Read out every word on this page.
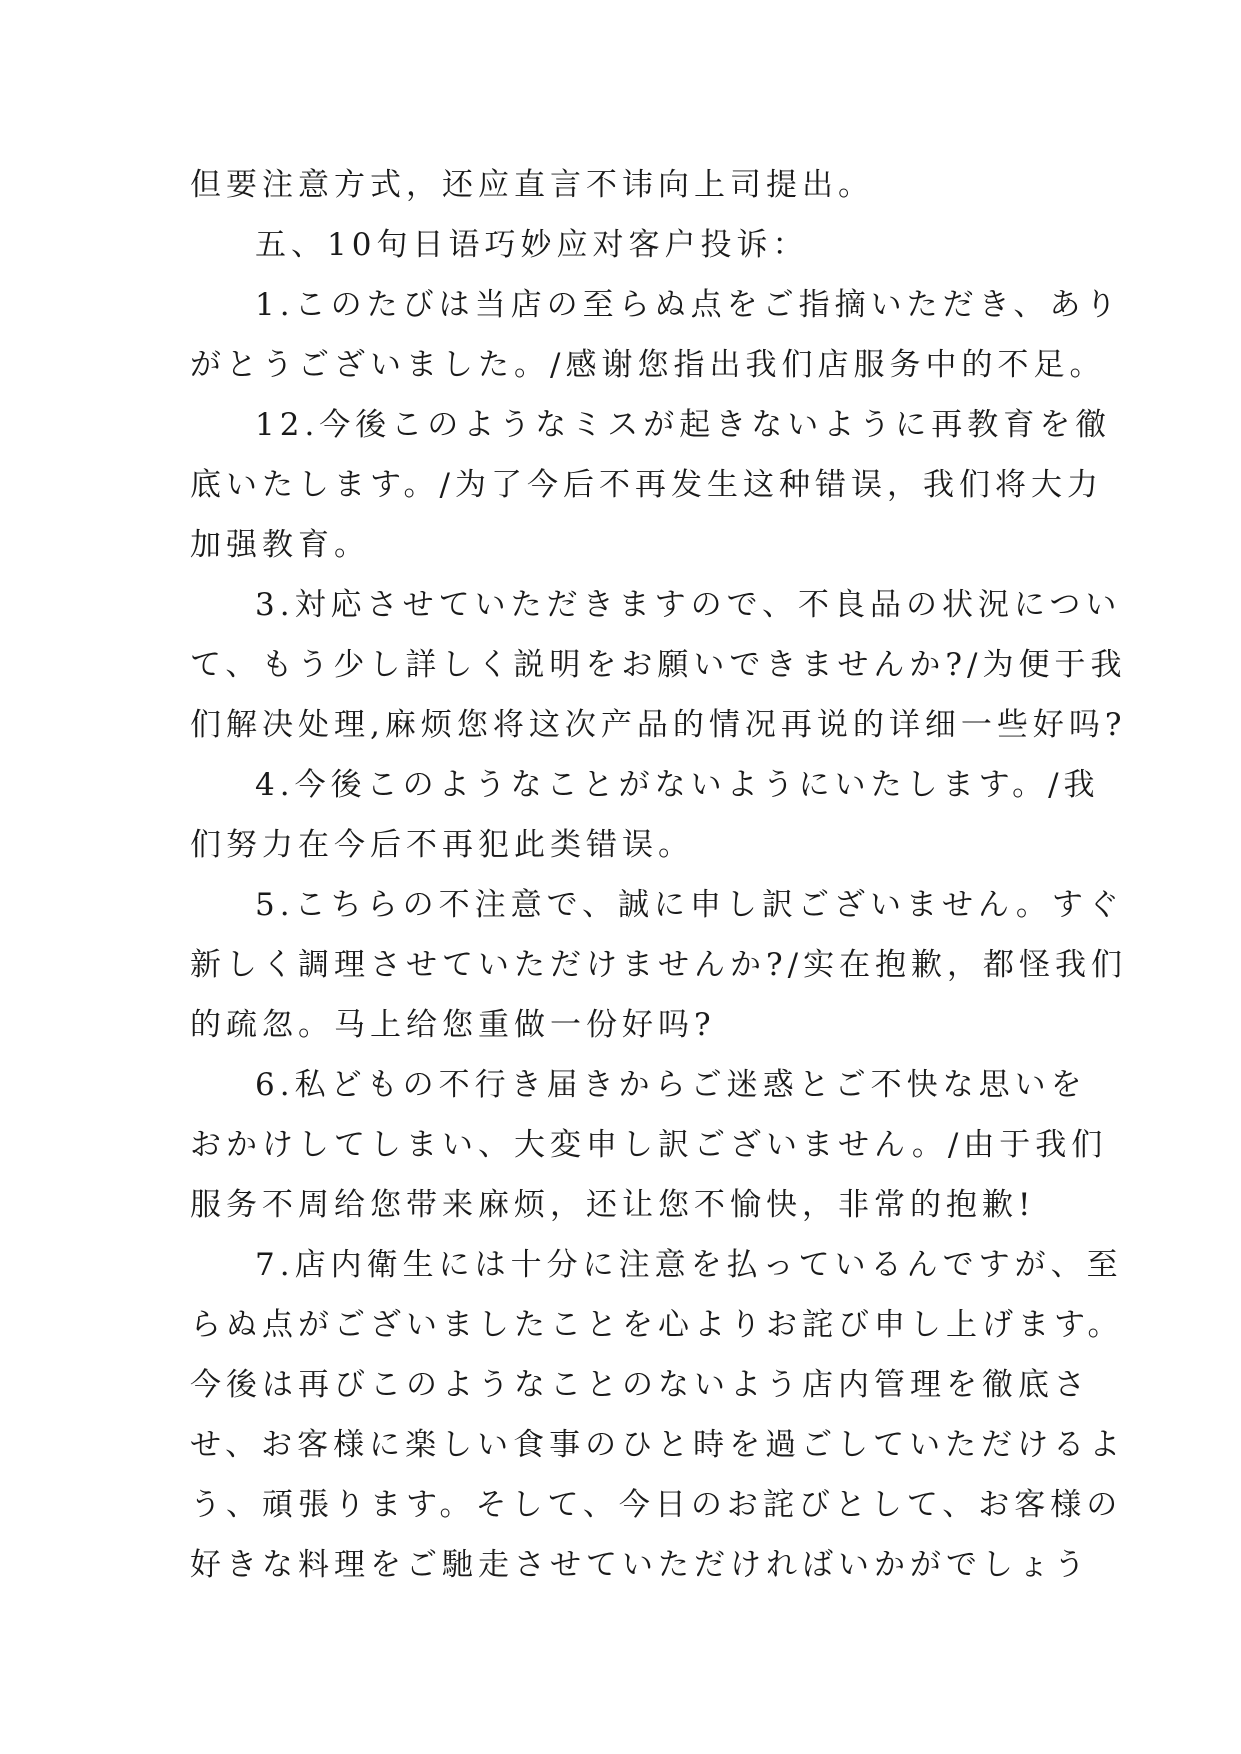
但要注意方式，还应直言不讳向上司提出。
五、10句日语巧妙应对客户投诉：
1.このたびは当店の至らぬ点をご指摘いただき、あり
がとうございました。/感谢您指出我们店服务中的不足。
12.今後このようなミスが起きないように再教育を徹
底いたします。/为了今后不再发生这种错误，我们将大力
加强教育。
3.対応させていただきますので、不良品の状況につい
て、もう少し詳しく説明をお願いできませんか?/为便于我
们解决处理,麻烦您将这次产品的情况再说的详细一些好吗?
4.今後このようなことがないようにいたします。/我
们努力在今后不再犯此类错误。
5.こちらの不注意で、誠に申し訳ございません。すぐ
新しく調理させていただけませんか?/实在抱歉，都怪我们
的疏忽。马上给您重做一份好吗?
6.私どもの不行き届きからご迷惑とご不快な思いを
おかけしてしまい、大変申し訳ございません。/由于我们
服务不周给您带来麻烦，还让您不愉快，非常的抱歉!
7.店内衛生には十分に注意を払っているんですが、至
らぬ点がございましたことを心よりお詫び申し上げます。
今後は再びこのようなことのないよう店内管理を徹底さ
せ、お客様に楽しい食事のひと時を過ごしていただけるよ
う、頑張ります。そして、今日のお詫びとして、お客様の
好きな料理をご馳走させていただければいかがでしょう
